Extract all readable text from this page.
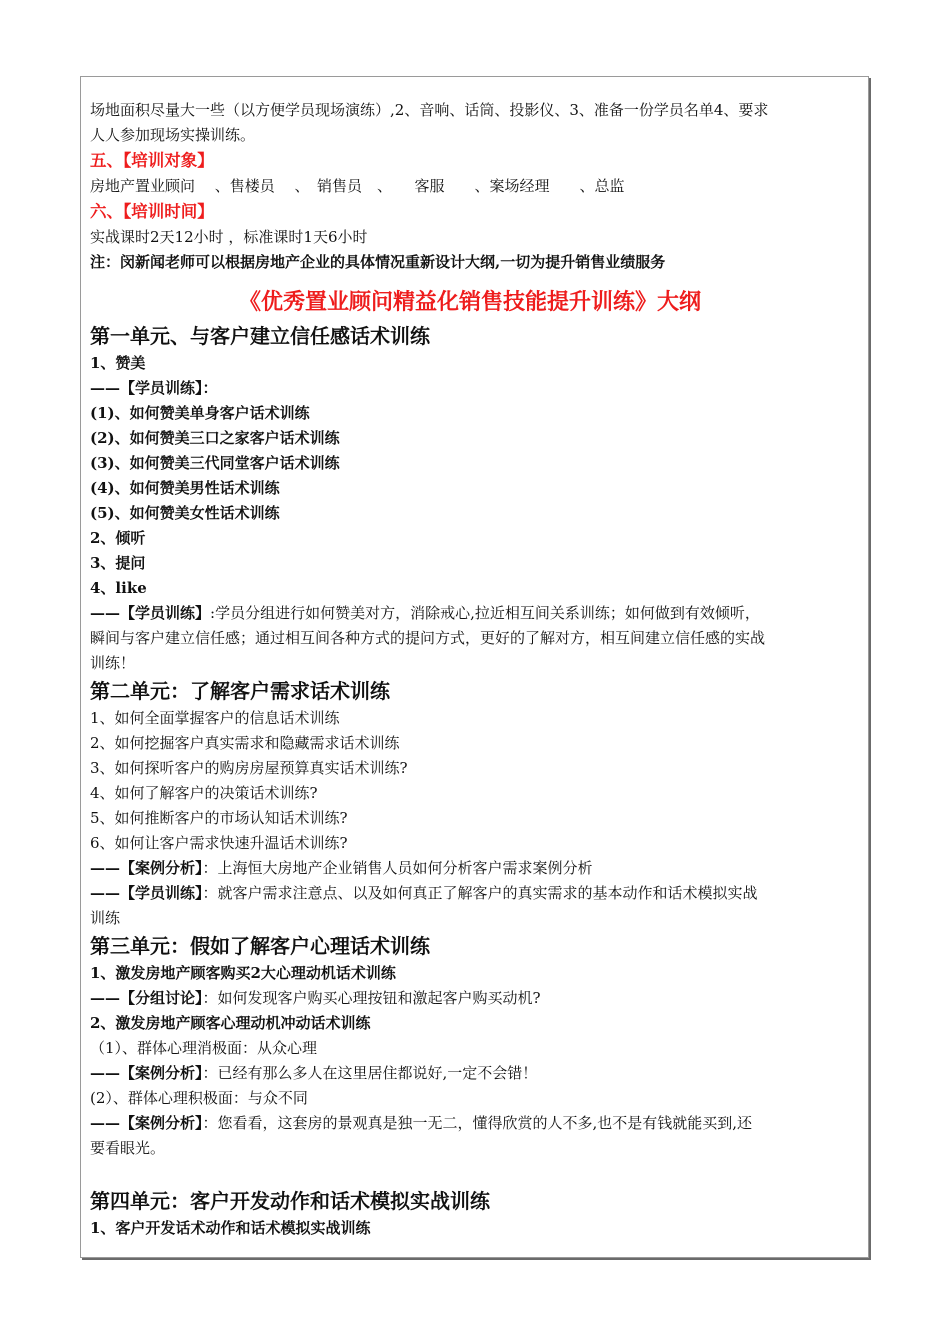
场地面积尽量大一些（以方便学员现场演练）,2、音响、话筒、投影仪、3、准备一份学员名单4、要求

人人参加现场实操训练。

五、【培训对象】

房地产置业顾问　 、售楼员　 、　销售员　、　　客服　　、案场经理　　、总监

六、【培训时间】

实战课时2天12小时 ，标准课时1天6小时

注：闵新闻老师可以根据房地产企业的具体情况重新设计大纲,一切为提升销售业绩服务

《优秀置业顾问精益化销售技能提升训练》大纲

第一单元、与客户建立信任感话术训练

1、赞美

——【学员训练】：

(1)、如何赞美单身客户话术训练

(2)、如何赞美三口之家客户话术训练

(3)、如何赞美三代同堂客户话术训练

(4)、如何赞美男性话术训练

(5)、如何赞美女性话术训练

2、倾听

3、提问

4、like

——【学员训练】:学员分组进行如何赞美对方，消除戒心,拉近相互间关系训练；如何做到有效倾听，

瞬间与客户建立信任感；通过相互间各种方式的提问方式，更好的了解对方，相互间建立信任感的实战

训练！

第二单元：了解客户需求话术训练

1、如何全面掌握客户的信息话术训练

2、如何挖掘客户真实需求和隐藏需求话术训练

3、如何探听客户的购房房屋预算真实话术训练?

4、如何了解客户的决策话术训练?

5、如何推断客户的市场认知话术训练?

6、如何让客户需求快速升温话术训练?

——【案例分析】：上海恒大房地产企业销售人员如何分析客户需求案例分析

——【学员训练】：就客户需求注意点、以及如何真正了解客户的真实需求的基本动作和话术模拟实战

训练

第三单元：假如了解客户心理话术训练

1、激发房地产顾客购买2大心理动机话术训练

——【分组讨论】：如何发现客户购买心理按钮和激起客户购买动机?

2、激发房地产顾客心理动机冲动话术训练

（1）、群体心理消极面：从众心理

——【案例分析】：已经有那么多人在这里居住都说好,一定不会错！

(2）、群体心理积极面：与众不同

——【案例分析】：您看看，这套房的景观真是独一无二，懂得欣赏的人不多,也不是有钱就能买到,还

要看眼光。

第四单元：客户开发动作和话术模拟实战训练

1、客户开发话术动作和话术模拟实战训练
